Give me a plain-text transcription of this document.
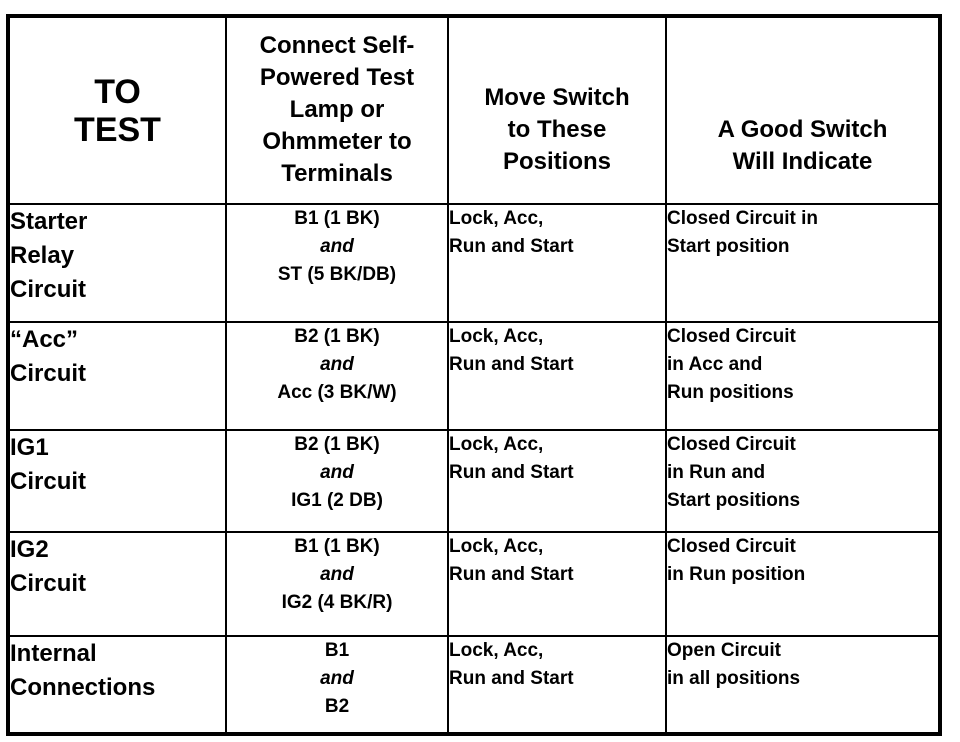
TO
TEST	Connect Self-
Powered Test
Lamp or
Ohmmeter to
Terminals	Move Switch
to These
Positions	A Good Switch
Will Indicate

Starter
Relay
Circuit	B1 (1 BK)
and
ST (5 BK/DB)	Lock, Acc,
Run and Start	Closed Circuit in
Start position

“Acc”
Circuit	B2 (1 BK)
and
Acc (3 BK/W)	Lock, Acc,
Run and Start	Closed Circuit
in Acc and
Run positions

IG1
Circuit	B2 (1 BK)
and
IG1 (2 DB)	Lock, Acc,
Run and Start	Closed Circuit
in Run and
Start positions

IG2
Circuit	B1 (1 BK)
and
IG2 (4 BK/R)	Lock, Acc,
Run and Start	Closed Circuit
in Run position

Internal
Connections	B1
and
B2	Lock, Acc,
Run and Start	Open Circuit
in all positions
